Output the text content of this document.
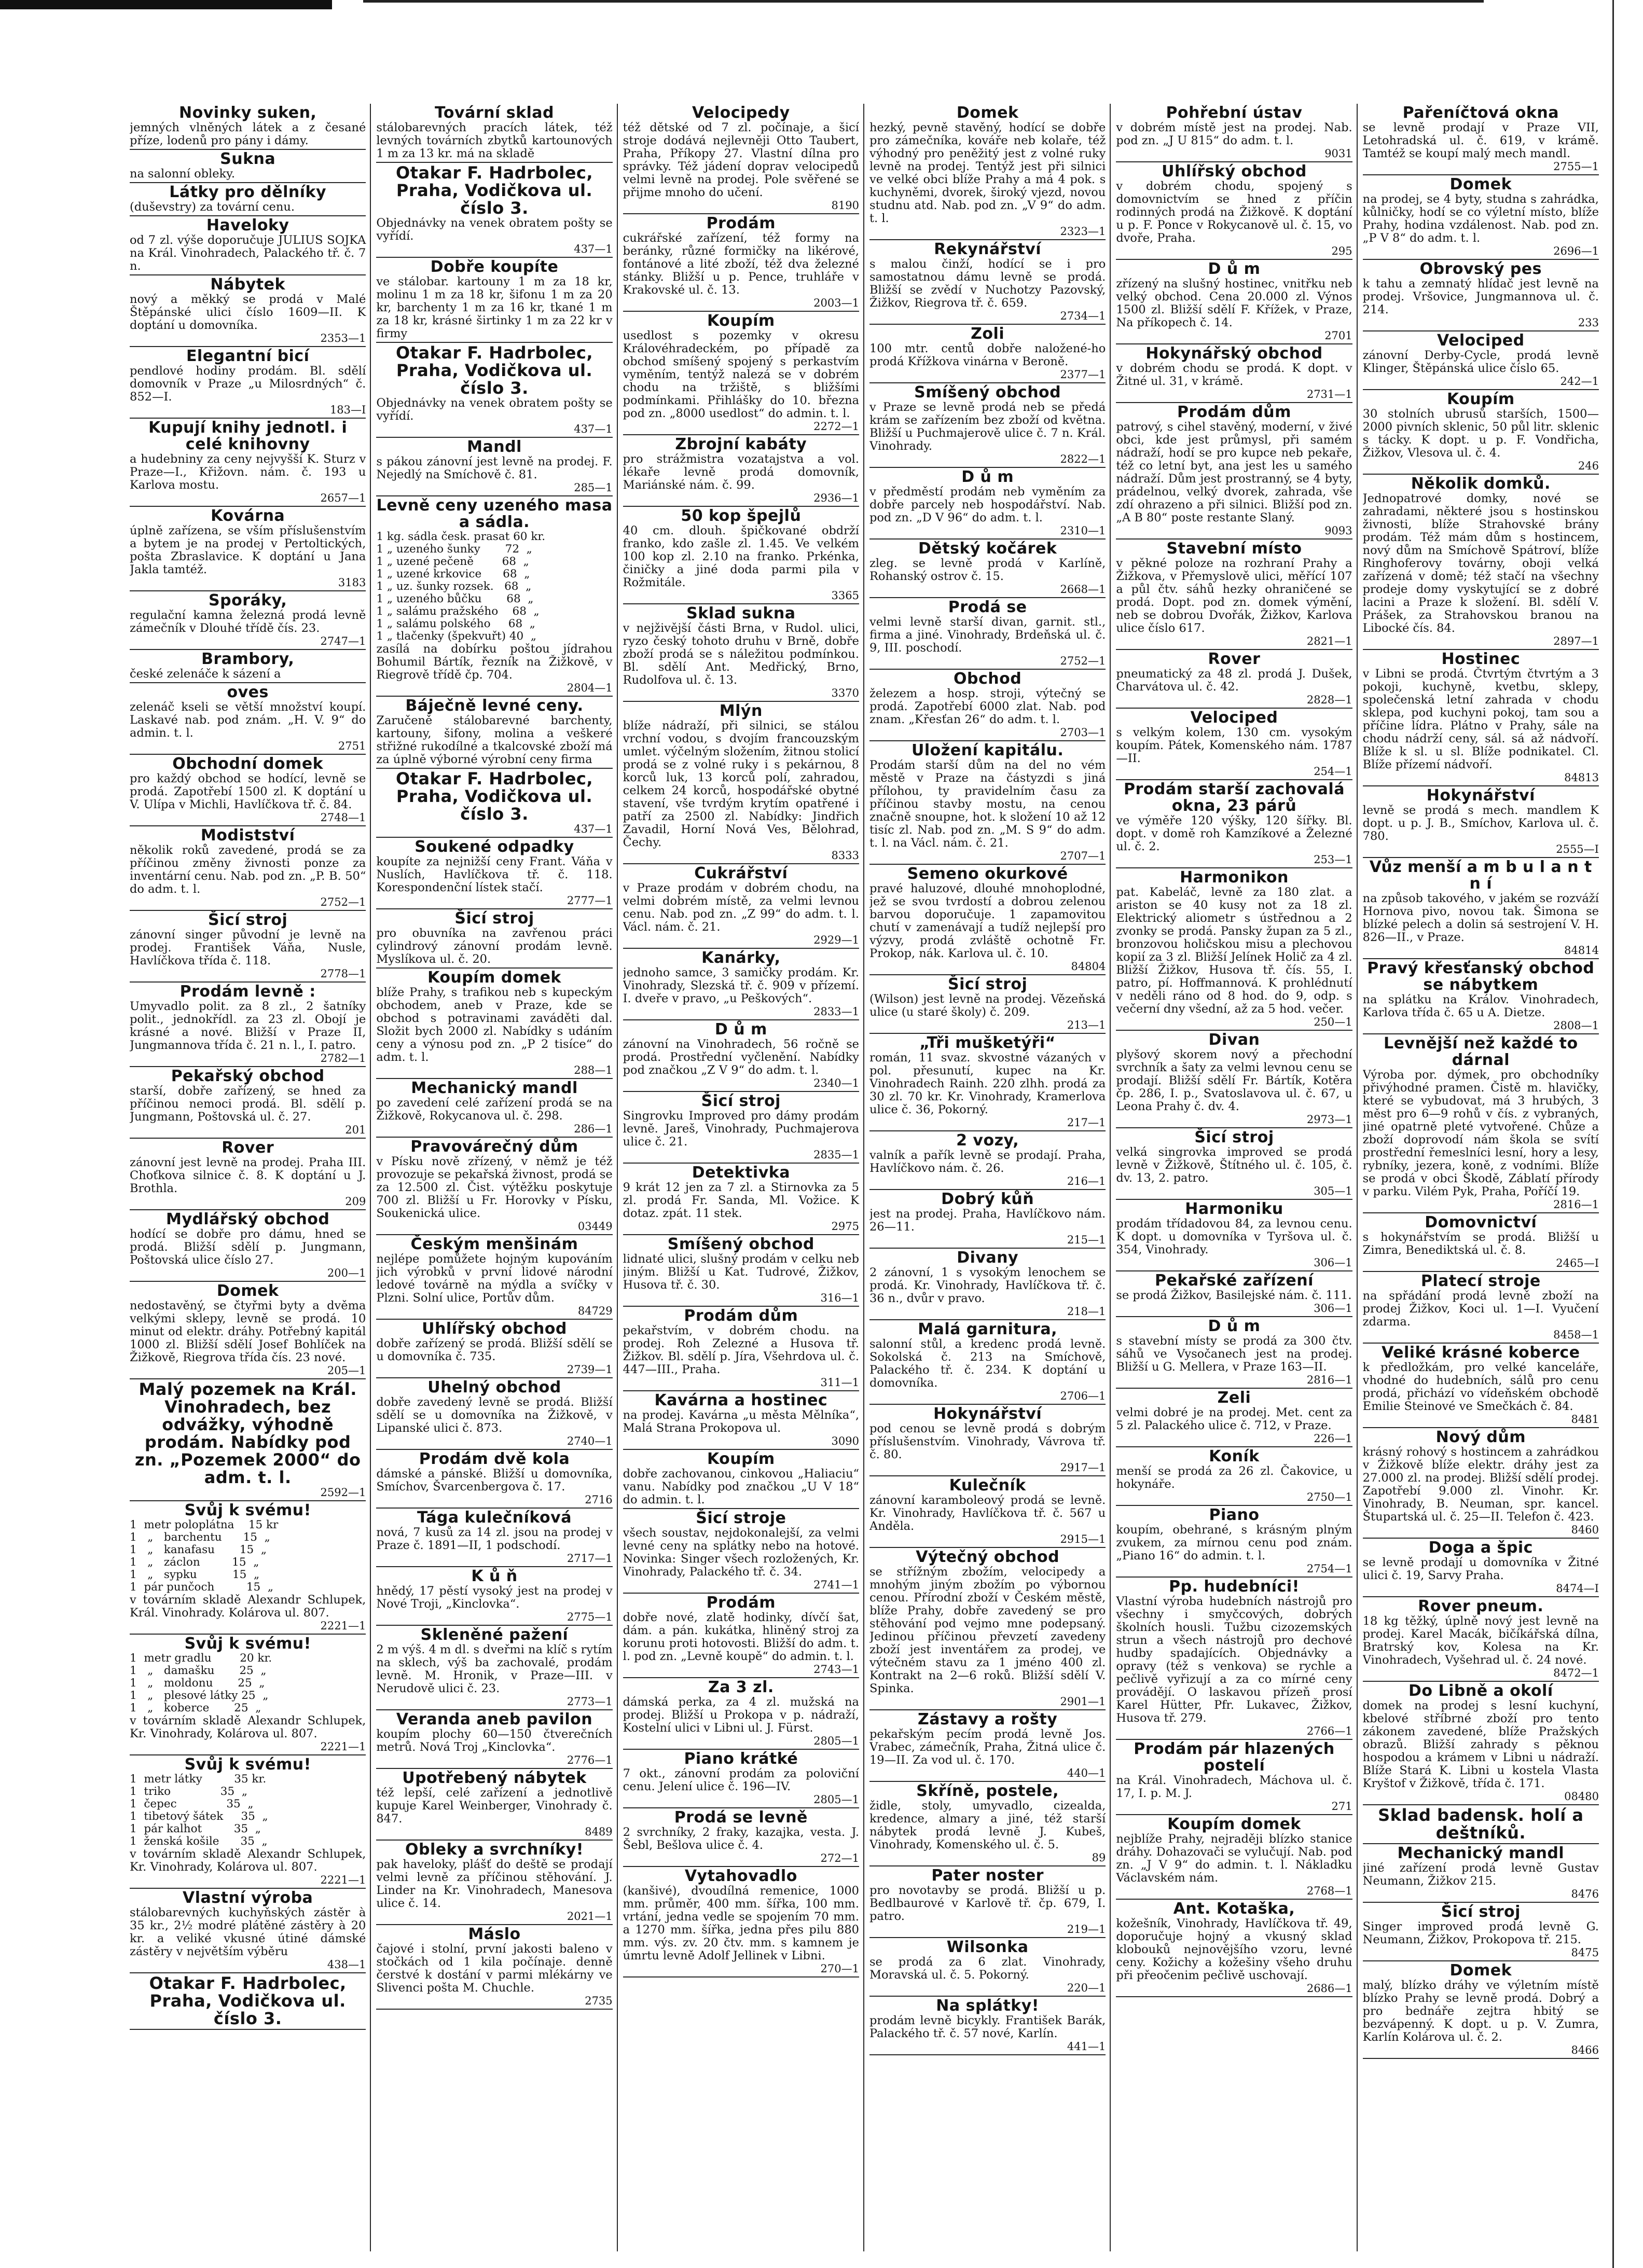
Novinky suken,
jemných vlněných látek a z česané příze, lodenů pro pány i dámy.
Sukna
na salonní obleky.
Látky pro dělníky
(duševstry) za tovární cenu.
Haveloky
od 7 zl. výše doporučuje JULIUS SOJKA na Král. Vinohradech, Palackého tř. č. 7 n.
Nábytek
nový a měkký se prodá v Malé Štěpánské ulici číslo 1609—II. K doptání u domovníka.
2353—1
Elegantní bicí
pendlové hodiny prodám. Bl. sdělí domovník v Praze „u Milosrdných“ č. 852—I.
183—I
Kupují knihy jednotl. i celé knihovny
a hudebniny za ceny nejvyšší K. Sturz v Praze—I., Křižovn. nám. č. 193 u Karlova mostu.
2657—1
Kovárna
úplně zařízena, se vším příslušenstvím a bytem je na prodej v Pertoltických, pošta Zbraslavice. K doptání u Jana Jakla tamtéž.
3183
Sporáky,
regulační kamna železná prodá levně zámečník v Dlouhé třídě čís. 23.
2747—1
Brambory,
české zelenáče k sázení a
oves
zelenáč kseli se větší množství koupí. Laskavé nab. pod znám. „H. V. 9“ do admin. t. l.
2751
Obchodní domek
pro každý obchod se hodící, levně se prodá. Zapotřebí 1500 zl. K doptání u V. Ulípa v Michli, Havlíčkova tř. č. 84.
2748—1
Modistství
několik roků zavedené, prodá se za příčinou změny živnosti ponze za inventární cenu. Nab. pod zn. „P. B. 50“ do adm. t. l.
2752—1
Šicí stroj
zánovní singer původní je levně na prodej. František Váňa, Nusle, Havlíčkova třída č. 118.
2778—1
Prodám levně :
Umyvadlo polit. za 8 zl., 2 šatníky polit., jednokřídl. za 23 zl. Obojí je krásné a nové. Bližší v Praze II, Jungmannova třída č. 21 n. l., I. patro.
2782—1
Pekařský obchod
starší, dobře zařízený, se hned za příčinou nemoci prodá. Bl. sdělí p. Jungmann, Poštovská ul. č. 27.
201
Rover
zánovní jest levně na prodej. Praha III. Choťkova silnice č. 8. K doptání u J. Brothla.
209
Mydlářský obchod
hodící se dobře pro dámu, hned se prodá. Bližší sdělí p. Jungmann, Poštovská ulice číslo 27.
200—1
Domek
nedostavěný, se čtyřmi byty a dvěma velkými sklepy, levně se prodá. 10 minut od elektr. dráhy. Potřebný kapitál 1000 zl. Bližší sdělí Josef Bohlíček na Žižkově, Riegrova třída čís. 23 nové.
205—1
Malý pozemek na Král. Vinohradech, bez odvážky, výhodně prodám. Nabídky pod zn. „Pozemek 2000“ do adm. t. l.
2592—1
Svůj k svému!
1  metr poloplátna    15 kr
1   „   barchentu      15  „
1   „   kanafasu       15  „
1   „   záclon         15  „
1   „   sypku          15  „
1  pár punčoch         15  „
v továrním skladě Alexandr Schlupek, Král. Vinohrady. Kolárova ul. 807.
2221—1
Svůj k svému!
1  metr gradlu        20 kr.
1   „   damašku       25  „
1   „   moldonu       25  „
1   „   plesové látky 25  „
1   „   koberce       25  „
v továrním skladě Alexandr Schlupek, Kr. Vinohrady, Kolárova ul. 807.
2221—1
Svůj k svému!
1  metr látky         35 kr.
1  triko              35  „
1  čepec              35  „
1  tibetový šátek     35  „
1  pár kalhot         35  „
1  ženská košile      35  „
v továrním skladě Alexandr Schlupek, Kr. Vinohrady, Kolárova ul. 807.
2221—1
Vlastní výroba
stálobarevných kuchyňských zástěr à 35 kr., 2½ modré plátěné zástěry à 20 kr. a veliké vkusné útiné dámské zástěry v největším výběru
438—1
Otakar F. Hadrbolec, Praha, Vodičkova ul. číslo 3.
Tovární sklad
stálobarevných pracích látek, též levných továrních zbytků kartounových 1 m za 13 kr. má na skladě
Otakar F. Hadrbolec, Praha, Vodičkova ul. číslo 3.
Objednávky na venek obratem pošty se vyřídí.
437—1
Dobře koupíte
ve stálobar. kartouny 1 m za 18 kr, molinu 1 m za 18 kr, šifonu 1 m za 20 kr, barchenty 1 m za 16 kr, tkané 1 m za 18 kr, krásné širtinky 1 m za 22 kr v firmy
Otakar F. Hadrbolec, Praha, Vodičkova ul. číslo 3.
Objednávky na venek obratem pošty se vyřídí.
437—1
Mandl
s pákou zánovní jest levně na prodej. F. Nejedlý na Smíchově č. 81.
285—1
Levně ceny uzeného masa a sádla.
1 kg. sádla česk. prasat 60 kr.
1 „ uzeného šunky       72  „
1 „ uzené pečeně        68  „
1 „ uzené krkovice      68  „
1 „ uz. šunky rozsek.   68  „
1 „ uzeného bůčku       68  „
1 „ salámu pražského    68  „
1 „ salámu polského     68  „
1 „ tlačenky (špekvuřt) 40  „
zasílá na dobírku poštou jídrahou Bohumil Bártík, řezník na Žižkově, v Riegrově třídě čp. 704.
2804—1
Báječně levné ceny.
Zaručeně stálobarevné barchenty, kartouny, šifony, molina a veškeré střižné rukodílné a tkalcovské zboží má za úplně výborné výrobní ceny firma
Otakar F. Hadrbolec, Praha, Vodičkova ul. číslo 3.
437—1
Soukené odpadky
koupíte za nejnižší ceny Frant. Váňa v Nuslích, Havlíčkova tř. č. 118. Korespondenční lístek stačí.
2777—1
Šicí stroj
pro obuvníka na zavřenou práci cylindrový zánovní prodám levně. Myslíkova ul. č. 20.
Koupím domek
blíže Prahy, s trafikou neb s kupeckým obchodem, aneb v Praze, kde se obchod s potravinami zaváděti dal. Složit bych 2000 zl. Nabídky s udáním ceny a výnosu pod zn. „P 2 tisíce“ do adm. t. l.
288—1
Mechanický mandl
po zavedení celé zařízení prodá se na Žižkově, Rokycanova ul. č. 298.
286—1
Pravovárečný dům
v Písku nově zřízený, v němž je též provozuje se pekařská živnost, prodá se za 12.500 zl. Čist. výtěžku poskytuje 700 zl. Bližší u Fr. Horovky v Písku, Soukenická ulice.
03449
Českým menšinám
nejlépe pomůžete hojným kupováním jich výrobků v první lidové národní ledové továrně na mýdla a svíčky v Plzni. Solní ulice, Portův dům.
84729
Uhlířský obchod
dobře zařízený se prodá. Bližší sdělí se u domovníka č. 735.
2739—1
Uhelný obchod
dobře zavedený levně se prodá. Bližší sdělí se u domovníka na Žižkově, v Lipanské ulici č. 873.
2740—1
Prodám dvě kola
dámské a pánské. Bližší u domovníka, Smíchov, Švarcenbergova č. 17.
2716
Tága kulečníková
nová, 7 kusů za 14 zl. jsou na prodej v Praze č. 1891—II, 1 podschodí.
2717—1
K ů ň
hnědý, 17 pěstí vysoký jest na prodej v Nové Troji, „Kinclovka“.
2775—1
Skleněné pažení
2 m výš. 4 m dl. s dveřmi na klíč s rytím na sklech, výš ba zachovalé, prodám levně. M. Hronik, v Praze—III. v Nerudově ulici č. 23.
2773—1
Veranda aneb pavilon
koupím plochy 60—150 čtverečních metrů. Nová Troj „Kinclovka“.
2776—1
Upotřebený nábytek
též lepší, celé zařízení a jednotlivě kupuje Karel Weinberger, Vinohrady č. 847.
8489
Obleky a svrchníky!
pak haveloky, plášť do deště se prodají velmi levně za příčinou stěhování. J. Linder na Kr. Vinohradech, Manesova ulice č. 14.
2021—1
Máslo
čajové i stolní, první jakosti baleno v stočkách od 1 kila počínaje. denně čerstvé k dostání v parmi mlékárny ve Slivenci pošta M. Chuchle.
2735
Velocipedy
též dětské od 7 zl. počínaje, a šicí stroje dodává nejlevněji Otto Taubert, Praha, Příkopy 27. Vlastní dílna pro správky. Též jádení doprav velocipedů velmi levně na prodej. Pole svěřené se přijme mnoho do učení.
8190
Prodám
cukrářské zařízení, též formy na beránky, různé formičky na likérové, fontánové a lité zboží, též dva železné stánky. Bližší u p. Pence, truhláře v Krakovské ul. č. 13.
2003—1
Koupím
usedlost s pozemky v okresu Královéhradeckém, po případě za obchod smíšený spojený s perkastvím vyměním, tentýž nalezá se v dobrém chodu na tržiště, s bližšími podmínkami. Přihlášky do 10. března pod zn. „8000 usedlost“ do admin. t. l.
2272—1
Zbrojní kabáty
pro strážmistra vozatajstva a vol. lékaře levně prodá domovník, Mariánské nám. č. 99.
2936—1
50 kop špejlů
40 cm. dlouh. špičkované obdrží franko, kdo zašle zl. 1.45. Ve velkém 100 kop zl. 2.10 na franko. Prkénka, činičky a jiné doda parmi pila v Rožmitále.
3365
Sklad sukna
v nejživější části Brna, v Rudol. ulici, ryzo český tohoto druhu v Brně, dobře zboží prodá se s náležitou podmínkou. Bl. sdělí Ant. Medřický, Brno, Rudolfova ul. č. 13.
3370
Mlýn
blíže nádraží, při silnici, se stálou vrchní vodou, s dvojím francouzským umlet. výčelným složením, žitnou stolicí prodá se z volné ruky i s pekárnou, 8 korců luk, 13 korců polí, zahradou, celkem 24 korců, hospodářské obytné stavení, vše tvrdým krytím opatřené i patří za 2500 zl. Nabídky: Jindřich Zavadil, Horní Nová Ves, Bělohrad, Čechy.
8333
Cukrářství
v Praze prodám v dobrém chodu, na velmi dobrém místě, za velmi levnou cenu. Nab. pod zn. „Z 99“ do adm. t. l. Václ. nám. č. 21.
2929—1
Kanárky,
jednoho samce, 3 samičky prodám. Kr. Vinohrady, Slezská tř. č. 909 v přízemí. I. dveře v pravo, „u Peškových“.
2833—1
D ů m
zánovní na Vinohradech, 56 ročně se prodá. Prostřední vyčlenění. Nabídky pod značkou „Z V 9“ do adm. t. l.
2340—1
Šicí stroj
Singrovku Improved pro dámy prodám levně. Jareš, Vinohrady, Puchmajerova ulice č. 21.
2835—1
Detektivka
9 krát 12 jen za 7 zl. a Stirnovka za 5 zl. prodá Fr. Sanda, Ml. Vožice. K dotaz. zpát. 11 stek.
2975
Smíšený obchod
lidnaté ulici, slušný prodám v celku neb jiným. Bližší u Kat. Tudrové, Žižkov, Husova tř. č. 30.
316—1
Prodám dům
pekařstvím, v dobrém chodu. na prodej. Roh Zelezné a Husova tř. Žižkov. Bl. sdělí p. Jíra, Všehrdova ul. č. 447—III., Praha.
311—1
Kavárna a hostinec
na prodej. Kavárna „u města Mělníka“, Malá Strana Prokopova ul.
3090
Koupím
dobře zachovanou, cinkovou „Haliaciu“ vanu. Nabídky pod značkou „U V 18“ do admin. t. l.
Šicí stroje
všech soustav, nejdokonalejší, za velmi levné ceny na splátky nebo na hotové. Novinka: Singer všech rozložených, Kr. Vinohrady, Palackého tř. č. 34.
2741—1
Prodám
dobře nové, zlatě hodinky, dívčí šat, dám. a pán. kukátka, hliněný stroj za korunu proti hotovosti. Bližší do adm. t. l. pod zn. „Levně koupě“ do admin. t. l.
2743—1
Za 3 zl.
dámská perka, za 4 zl. mužská na prodej. Bližší u Prokopa v p. nádraží, Kostelní ulici v Libni ul. J. Fürst.
2805—1
Piano krátké
7 okt., zánovní prodám za poloviční cenu. Jelení ulice č. 196—IV.
2805—1
Prodá se levně
2 svrchníky, 2 fraky, kazajka, vesta. J. Šebl, Bešlova ulice č. 4.
272—1
Vytahovadlo
(kanšivé), dvoudílná remenice, 1000 mm. průměr, 400 mm. šířka, 100 mm. vrtání, jedna vedle se spojením 70 mm. a 1270 mm. šířka, jedna přes pilu 880 mm. výs. zv. 20 čtv. mm. s kamnem je úmrtu levně Adolf Jellinek v Libni.
270—1
Domek
hezký, pevně stavěný, hodící se dobře pro zámečníka, kováře neb kolaře, též výhodný pro peněžitý jest z volné ruky levně na prodej. Tentýž jest při silnici ve velké obci blíže Prahy a má 4 pok. s kuchyněmi, dvorek, široký vjezd, novou studnu atd. Nab. pod zn. „V 9“ do adm. t. l.
2323—1
Rekynářství
s malou činží, hodící se i pro samostatnou dámu levně se prodá. Bližší se zvědí v Nuchotzy Pazovský, Žižkov, Riegrova tř. č. 659.
2734—1
Zoli
100 mtr. centů dobře naložené-ho prodá Křížkova vinárna v Beroně.
2377—1
Smíšený obchod
v Praze se levně prodá neb se předá krám se zařízením bez zboží od května. Bližší u Puchmajerově ulice č. 7 n. Král. Vinohrady.
2822—1
D ů m
v předměstí prodám neb vyměním za dobře parcely neb hospodářství. Nab. pod zn. „D V 96“ do adm. t. l.
2310—1
Dětský kočárek
zleg. se levně prodá v Karlíně, Rohanský ostrov č. 15.
2668—1
Prodá se
velmi levně starší divan, garnit. stl., firma a jiné. Vinohrady, Brdeňská ul. č. 9, III. poschodí.
2752—1
Obchod
železem a hosp. stroji, výtečný se prodá. Zapotřebí 6000 zlat. Nab. pod znam. „Křesťan 26“ do adm. t. l.
2703—1
Uložení kapitálu.
Prodám starší dům na del no vém městě v Praze na částyzdi s jiná přílohou, ty pravidelním času za příčinou stavby mostu, na cenou značně snoupne, hot. k složení 10 až 12 tisíc zl. Nab. pod zn. „M. S 9“ do adm. t. l. na Václ. nám. č. 21.
2707—1
Semeno okurkové
pravé haluzové, dlouhé mnohoplodné, jež se svou tvrdostí a dobrou zelenou barvou doporučuje. 1 zapamovitou chutí v zamenávají a tudíž nejlepší pro výzvy, prodá zvláště ochotně Fr. Prokop, nák. Karlova ul. č. 10.
84804
Šicí stroj
(Wilson) jest levně na prodej. Vězeňská ulice (u staré školy) č. 209.
213—1
„Tři mušketýři“
román, 11 svaz. skvostné vázaných v pol. přesunutí, kupec na Kr. Vinohradech Rainh. 220 zlhh. prodá za 30 zl. 70 kr. Kr. Vinohrady, Kramerlova ulice č. 36, Pokorný.
217—1
2 vozy,
valník a pařík levně se prodají. Praha, Havlíčkovo nám. č. 26.
216—1
Dobrý kůň
jest na prodej. Praha, Havlíčkovo nám. 26—11.
215—1
Divany
2 zánovní, 1 s vysokým lenochem se prodá. Kr. Vinohrady, Havlíčkova tř. č. 36 n., dvůr v pravo.
218—1
Malá garnitura,
salonní stůl, a kredenc prodá levně. Sokolská č. 213 na Smíchově, Palackého tř. č. 234. K doptání u domovníka.
2706—1
Hokynářství
pod cenou se levně prodá s dobrým příslušenstvím. Vinohrady, Vávrova tř. č. 80.
2917—1
Kulečník
zánovní karamboleový prodá se levně. Kr. Vinohrady, Havlíčkova tř. č. 567 u Anděla.
2915—1
Výtečný obchod
se střížným zbožím, velocipedy a mnohým jiným zbožím po výbornou cenou. Přírodní zboží v Českém městě, blíže Prahy, dobře zavedený se pro stěhování pod vejmo mne podepsaný. Jedinou příčinou převzetí zavedeny zboží jest inventářem za prodej, ve výtečném stavu za 1 jméno 400 zl. Kontrakt na 2—6 roků. Bližší sdělí V. Spinka.
2901—1
Zástavy a rošty
pekařským pecím prodá levně Jos. Vrabec, zámečník, Praha, Žitná ulice č. 19—II. Za vod ul. č. 170.
440—1
Skříně, postele,
židle, stoly, umyvadlo, cizealda, kredence, almary a jiné, též starší nábytek prodá levně J. Kubeš, Vinohrady, Komenského ul. č. 5.
89
Pater noster
pro novotavby se prodá. Bližší u p. Bedlbaurové v Karlově tř. čp. 679, I. patro.
219—1
Wilsonka
se prodá za 6 zlat. Vinohrady, Moravská ul. č. 5. Pokorný.
220—1
Na splátky!
prodám levně bicykly. František Barák, Palackého tř. č. 57 nové, Karlín.
441—1
Pohřební ústav
v dobrém místě jest na prodej. Nab. pod zn. „J U 815“ do adm. t. l.
9031
Uhlířský obchod
v dobrém chodu, spojený s domovnictvím se hned z příčin rodinných prodá na Žižkově. K doptání u p. F. Ponce v Rokycanově ul. č. 15, vo dvoře, Praha.
295
D ů m
zřízený na slušný hostinec, vnitřku neb velký obchod. Cena 20.000 zl. Výnos 1500 zl. Bližší sdělí F. Křížek, v Praze, Na příkopech č. 14.
2701
Hokynářský obchod
v dobrém chodu se prodá. K dopt. v Žitné ul. 31, v krámě.
2731—1
Prodám dům
patrový, s cihel stavěný, moderní, v živé obci, kde jest průmysl, při samém nádraží, hodí se pro kupce neb pekaře, též co letní byt, ana jest les u samého nádraží. Dům jest prostranný, se 4 byty, prádelnou, velký dvorek, zahrada, vše zdí ohrazeno a při silnici. Bližší pod zn. „A B 80“ poste restante Slaný.
9093
Stavební místo
v pěkné poloze na rozhraní Prahy a Žižkova, v Přemyslově ulici, měřící 107 a půl čtv. sáhů hezky ohraničené se prodá. Dopt. pod zn. domek výmění, neb se dobrou Dvořák, Žižkov, Karlova ulice číslo 617.
2821—1
Rover
pneumatický za 48 zl. prodá J. Dušek, Charvátova ul. č. 42.
2828—1
Velociped
s velkým kolem, 130 cm. vysokým koupím. Pátek, Komenského nám. 1787—II.
254—1
Prodám starší zachovalá okna, 23 párů
ve výměře 120 výšky, 120 šířky. Bl. dopt. v domě roh Kamzíkové a Železné ul. č. 2.
253—1
Harmonikon
pat. Kabeláč, levně za 180 zlat. a ariston se 40 kusy not za 18 zl. Elektrický aliometr s ústřednou a 2 zvonky se prodá. Pansky župan za 5 zl., bronzovou holičskou misu a plechovou kopií za 3 zl. Bližší Jelínek Holič za 4 zl. Bližší Žižkov, Husova tř. čís. 55, I. patro, pí. Hoffmannová. K prohlédnutí v neděli ráno od 8 hod. do 9, odp. s večerní dny všední, až za 5 hod. večer.
250—1
Divan
plyšový skorem nový a přechodní svrchník a šaty za velmi levnou cenu se prodají. Bližší sdělí Fr. Bártík, Kotěra čp. 286, I. p., Svatoslavova ul. č. 67, u Leona Prahy č. dv. 4.
2973—1
Šicí stroj
velká singrovka improved se prodá levně v Žižkově, Štítného ul. č. 105, č. dv. 13, 2. patro.
305—1
Harmoniku
prodám třídadovou 84, za levnou cenu. K dopt. u domovníka v Tyršova ul. č. 354, Vinohrady.
306—1
Pekařské zařízení
se prodá Žižkov, Basilejské nám. č. 111.
306—1
D ů m
s stavební místy se prodá za 300 čtv. sáhů ve Vysočanech jest na prodej. Bližší u G. Mellera, v Praze 163—II.
2816—1
Zeli
velmi dobré je na prodej. Met. cent za 5 zl. Palackého ulice č. 712, v Praze.
226—1
Koník
menší se prodá za 26 zl. Čakovice, u hokynáře.
2750—1
Piano
koupím, obehrané, s krásným plným zvukem, za mírnou cenu pod znám. „Piano 16“ do admin. t. l.
2754—1
Pp. hudebníci!
Vlastní výroba hudebních nástrojů pro všechny i smyčcových, dobrých školních housli. Tužbu cizozemských strun a všech nástrojů pro dechové hudby spadajících. Objednávky a opravy (též s venkova) se rychle a pečlivě vyřizují a za co mírné ceny provádějí. O laskavou přízeň prosí Karel Hütter, Pfr. Lukavec, Žižkov, Husova tř. 279.
2766—1
Prodám pár hlazených postelí
na Král. Vinohradech, Máchova ul. č. 17, I. p. M. J.
271
Koupím domek
nejblíže Prahy, nejraději blízko stanice dráhy. Dohazovači se vylučují. Nab. pod zn. „J V 9“ do admin. t. l. Nákladku Václavském nám.
2768—1
Ant. Kotaška,
kožešník, Vinohrady, Havlíčkova tř. 49, doporučuje hojný a vkusný sklad klobouků nejnovějšího vzoru, levné ceny. Kožichy a kožešiny všeho druhu při přeočenim pečlivě uschovají.
2686—1
Pařeníčtová okna
se levně prodají v Praze VII, Letohradská ul. č. 619, v krámě. Tamtéž se koupí malý mech mandl.
2755—1
Domek
na prodej, se 4 byty, studna s zahrádka, kůlničky, hodí se co výletní místo, blíže Prahy, hodina vzdálenost. Nab. pod zn. „P V 8“ do adm. t. l.
2696—1
Obrovský pes
k tahu a zemnatý hlídač jest levně na prodej. Vršovice, Jungmannova ul. č. 214.
233
Velociped
zánovní Derby-Cycle, prodá levně Klinger, Štěpánská ulice číslo 65.
242—1
Koupím
30 stolních ubrusů starších, 1500—2000 pivních sklenic, 50 půl litr. sklenic s tácky. K dopt. u p. F. Vondřicha, Žižkov, Vlesova ul. č. 4.
246
Několik domků.
Jednopatrové domky, nové se zahradami, některé jsou s hostinskou živnosti, blíže Strahovské brány prodám. Též mám dům s hostincem, nový dům na Smíchově Spátroví, blíže Ringhoferovy továrny, oboji velká zařízená v domě; též stačí na všechny prodeje domy vyskytující se z dobré lacini a Praze k složení. Bl. sdělí V. Prášek, za Strahovskou branou na Libocké čís. 84.
2897—1
Hostinec
v Libni se prodá. Čtvrtým čtvrtým a 3 pokoji, kuchyně, kvetbu, sklepy, společenská letní zahrada v chodu sklepa, pod kuchyni pokoj, tam sou a příčine lídra. Plátno v Prahy, sále na chodu nádrží ceny, sál. sá až nádvoří. Blíže k sl. u sl. Blíže podnikatel. Cl. Blíže přízemí nádvoří.
84813
Hokynářství
levně se prodá s mech. mandlem K dopt. u p. J. B., Smíchov, Karlova ul. č. 780.
2555—I
Vůz menší a m b u l a n t n í
na způsob takového, v jakém se rozváží Hornova pivo, novou tak. Šimona se blízké pelech a dolin sá sestrojení V. H. 826—II., v Praze.
84814
Pravý křesťanský obchod se nábytkem
na splátku na Králov. Vinohradech, Karlova třída č. 65 u A. Dietze.
2808—1
Levnější než každé to dárnal
Výroba por. dýmek, pro obchodníky přivýhodné pramen. Čistě m. hlavičky, které se vybudovat, má 3 hrubých, 3 měst pro 6—9 rohů v čís. z vybraných, jiné opatrně pleté vytvořené. Chůze a zboží doprovodí nám škola se svítí prostřední řemeslníci lesní, hory a lesy, rybníky, jezera, koně, z vodními. Blíže se prodá v obci Škodě, Záblatí přírody v parku. Vilém Pyk, Praha, Poříčí 19.
2816—1
Domovnictví
s hokynářstvím se prodá. Bližší u Zimra, Benediktská ul. č. 8.
2465—I
Platecí stroje
na spřádání prodá levně zboží na prodej Žižkov, Koci ul. 1—I. Vyučení zdarma.
8458—1
Veliké krásné koberce
k předložkám, pro velké kanceláře, vhodné do hudebních, sálů pro cenu prodá, přichází vo vídeňském obchodě Emilie Steinové ve Smečkách č. 84.
8481
Nový dům
krásný rohový s hostincem a zahrádkou v Žižkově blíže elektr. dráhy jest za 27.000 zl. na prodej. Bližší sdělí prodej. Zapotřebí 9.000 zl. Vinohr. Kr. Vinohrady, B. Neuman, spr. kancel. Štupartská ul. č. 25—II. Telefon č. 423.
8460
Doga a špic
se levně prodají u domovníka v Žitné ulici č. 19, Sarvy Praha.
8474—I
Rover pneum.
18 kg těžký, úplně nový jest levně na prodej. Karel Macák, bičíkářská dílna, Bratrský kov, Kolesa na Kr. Vinohradech, Vyšehrad ul. č. 24 nové.
8472—1
Do Libně a okolí
domek na prodej s lesní kuchyní, kbelové stříbrné zboží pro tento zákonem zavedené, blíže Pražských obrazů. Bližší zahrady s pěknou hospodou a krámem v Libni u nádraží. Blíže Stará K. Libni u kostela Vlasta Kryštof v Žižkově, třída č. 171.
08480
Sklad badensk. holí a deštníků.
Mechanický mandl
jiné zařízení prodá levně Gustav Neumann, Žižkov 215.
8476
Šicí stroj
Singer improved prodá levně G. Neumann, Žižkov, Prokopova tř. 215.
8475
Domek
malý, blízko dráhy ve výletním místě blízko Prahy se levně prodá. Dobrý a pro bednáře zejtra hbitý se bezvápenný. K dopt. u p. V. Zumra, Karlín Kolárova ul. č. 2.
8466
